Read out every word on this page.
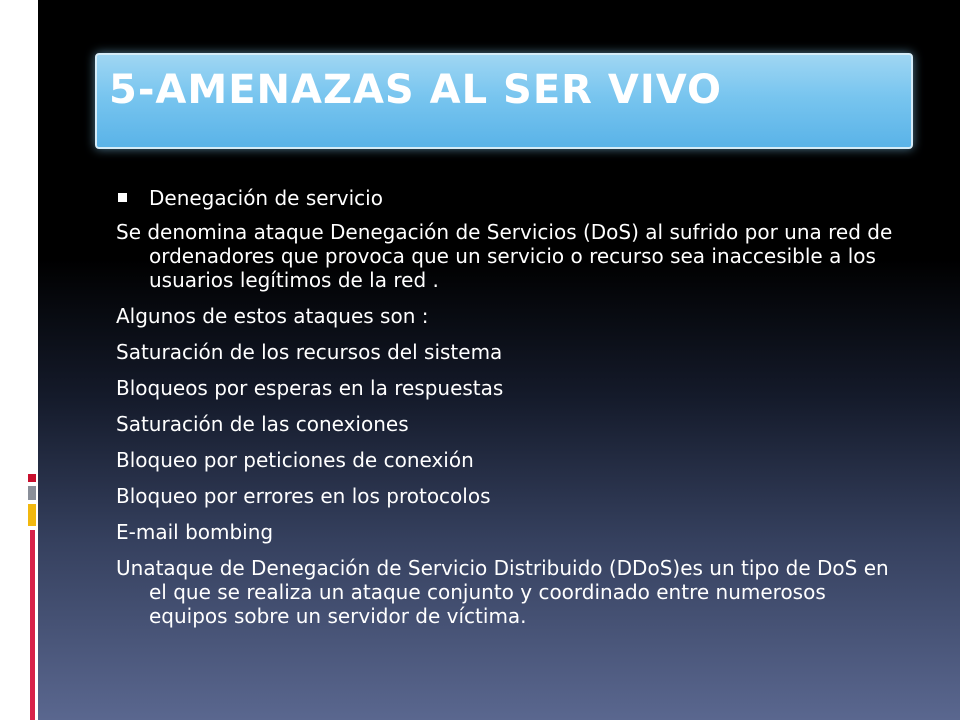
5-AMENAZAS AL SER VIVO
Denegación de servicio
Se denomina ataque Denegación de Servicios (DoS) al sufrido por una red de ordenadores que provoca que un servicio o recurso sea inaccesible a los usuarios legítimos de la red .
Algunos de estos ataques son :
Saturación de los recursos del sistema
Bloqueos por esperas en la respuestas
Saturación de las conexiones
Bloqueo por peticiones de conexión
Bloqueo por errores en los protocolos
E-mail bombing
Unataque de Denegación de Servicio Distribuido (DDoS)es un tipo de DoS en el que se realiza un ataque conjunto y coordinado entre numerosos equipos sobre un servidor de víctima.
